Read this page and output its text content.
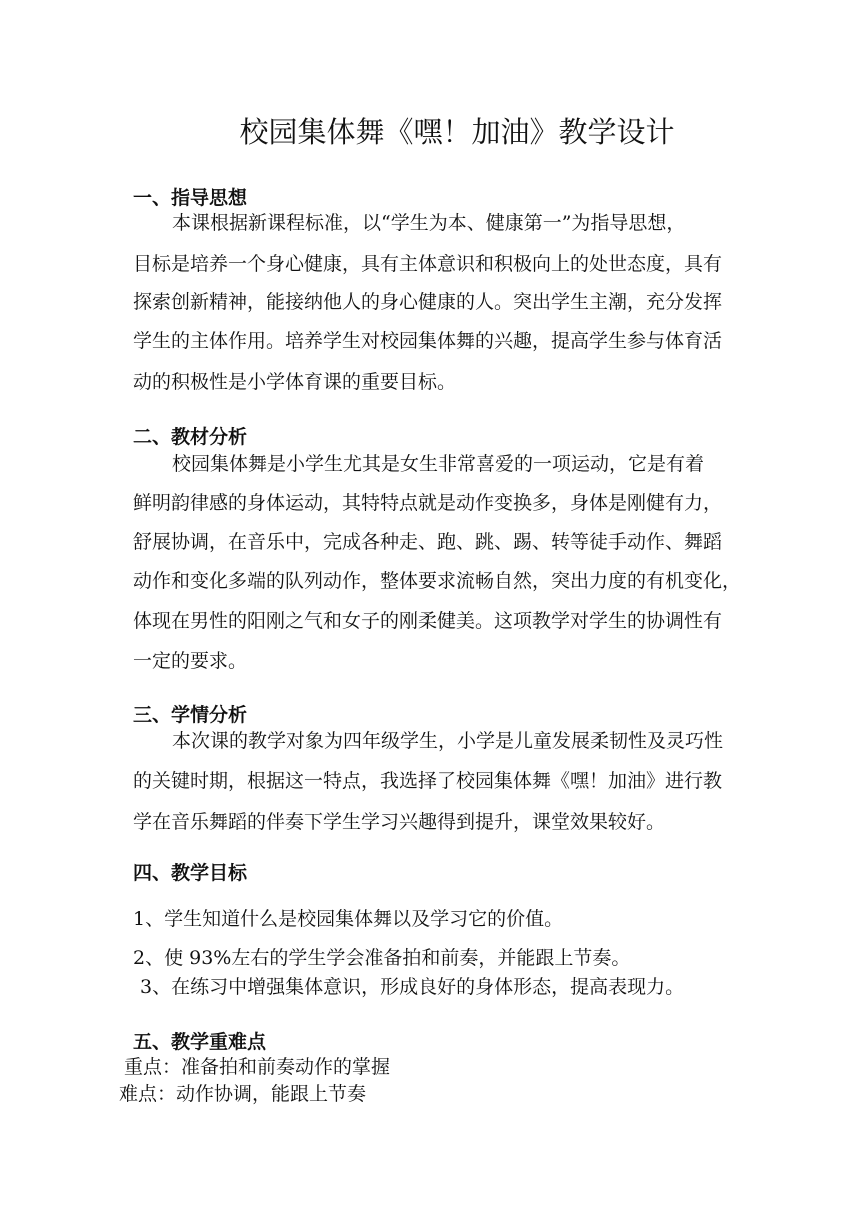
校园集体舞《嘿！加油》教学设计
一、指导思想

本课根据新课程标准，以“学生为本、健康第一”为指导思想，

目标是培养一个身心健康，具有主体意识和积极向上的处世态度，具有

探索创新精神，能接纳他人的身心健康的人。突出学生主潮，充分发挥

学生的主体作用。培养学生对校园集体舞的兴趣，提高学生参与体育活

动的积极性是小学体育课的重要目标。

二、教材分析

校园集体舞是小学生尤其是女生非常喜爱的一项运动，它是有着

鲜明韵律感的身体运动，其特特点就是动作变换多，身体是刚健有力，

舒展协调，在音乐中，完成各种走、跑、跳、踢、转等徒手动作、舞蹈

动作和变化多端的队列动作，整体要求流畅自然，突出力度的有机变化，

体现在男性的阳刚之气和女子的刚柔健美。这项教学对学生的协调性有

一定的要求。

三、学情分析

本次课的教学对象为四年级学生，小学是儿童发展柔韧性及灵巧性

的关键时期，根据这一特点，我选择了校园集体舞《嘿！加油》进行教

学在音乐舞蹈的伴奏下学生学习兴趣得到提升，课堂效果较好。

四、教学目标

1、学生知道什么是校园集体舞以及学习它的价值。

2、使 93%左右的学生学会准备拍和前奏，并能跟上节奏。

3、在练习中增强集体意识，形成良好的身体形态，提高表现力。

五、教学重难点

重点：准备拍和前奏动作的掌握

难点：动作协调，能跟上节奏
